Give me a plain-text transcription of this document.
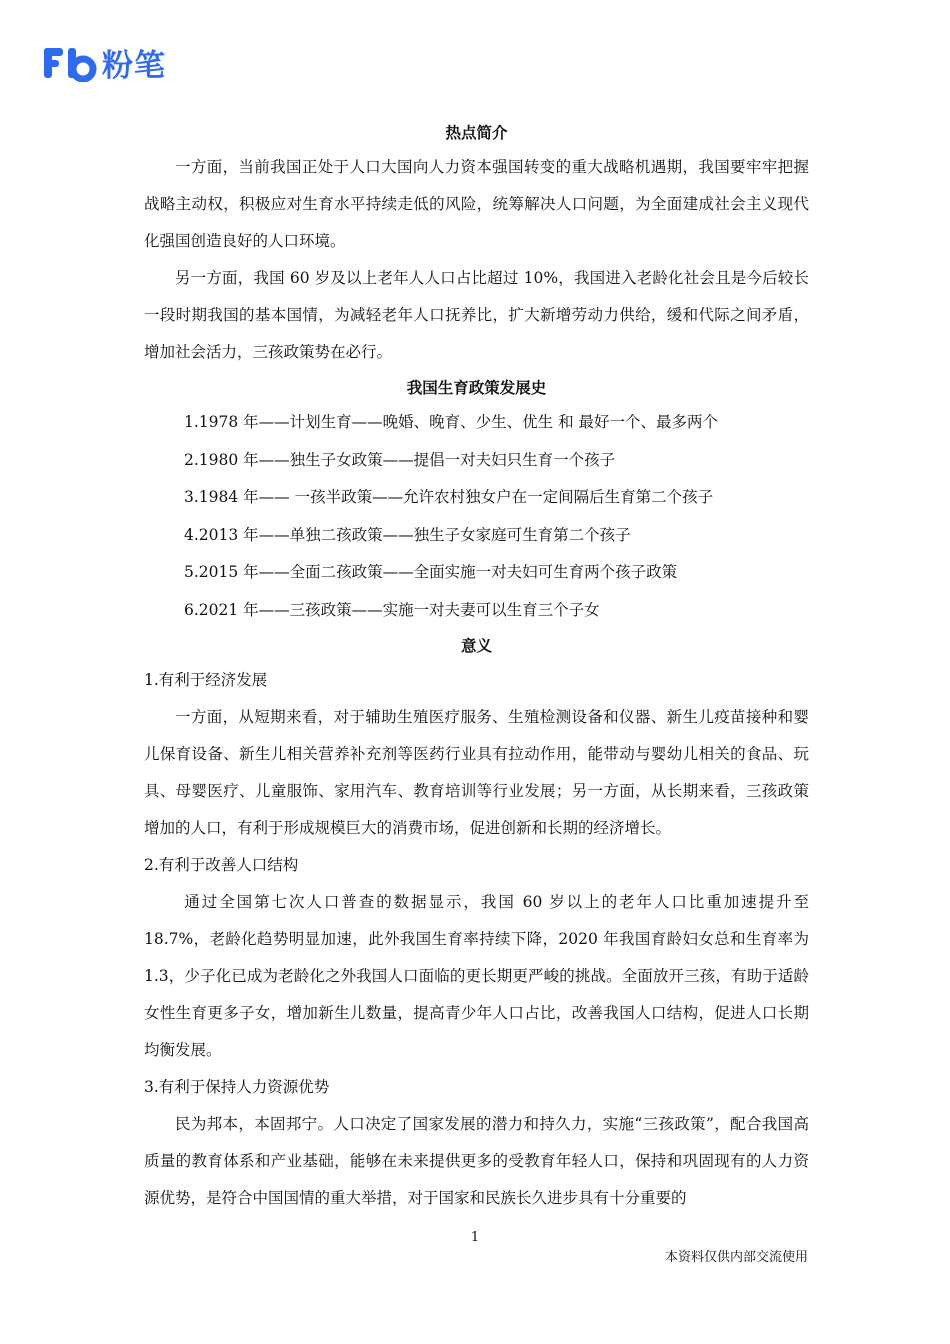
粉笔
热点简介

一方面，当前我国正处于人口大国向人力资本强国转变的重大战略机遇期，我国要牢牢把握战略主动权，积极应对生育水平持续走低的风险，统筹解决人口问题，为全面建成社会主义现代化强国创造良好的人口环境。

另一方面，我国 60 岁及以上老年人人口占比超过 10%，我国进入老龄化社会且是今后较长一段时期我国的基本国情，为减轻老年人口抚养比，扩大新增劳动力供给，缓和代际之间矛盾，增加社会活力，三孩政策势在必行。

我国生育政策发展史
1.1978 年——计划生育——晚婚、晚育、少生、优生 和 最好一个、最多两个
2.1980 年——独生子女政策——提倡一对夫妇只生育一个孩子
3.1984 年—— 一孩半政策——允许农村独女户在一定间隔后生育第二个孩子
4.2013 年——单独二孩政策——独生子女家庭可生育第二个孩子
5.2015 年——全面二孩政策——全面实施一对夫妇可生育两个孩子政策
6.2021 年——三孩政策——实施一对夫妻可以生育三个子女
意义

1.有利于经济发展

一方面，从短期来看，对于辅助生殖医疗服务、生殖检测设备和仪器、新生儿疫苗接种和婴儿保育设备、新生儿相关营养补充剂等医药行业具有拉动作用，能带动与婴幼儿相关的食品、玩具、母婴医疗、儿童服饰、家用汽车、教育培训等行业发展；另一方面，从长期来看，三孩政策增加的人口，有利于形成规模巨大的消费市场，促进创新和长期的经济增长。

2.有利于改善人口结构

通过全国第七次人口普查的数据显示，我国 60 岁以上的老年人口比重加速提升至 18.7%，老龄化趋势明显加速，此外我国生育率持续下降，2020 年我国育龄妇女总和生育率为 1.3，少子化已成为老龄化之外我国人口面临的更长期更严峻的挑战。全面放开三孩，有助于适龄女性生育更多子女，增加新生儿数量，提高青少年人口占比，改善我国人口结构，促进人口长期均衡发展。

3.有利于保持人力资源优势

民为邦本，本固邦宁。人口决定了国家发展的潜力和持久力，实施“三孩政策”，配合我国高质量的教育体系和产业基础，能够在未来提供更多的受教育年轻人口，保持和巩固现有的人力资源优势，是符合中国国情的重大举措，对于国家和民族长久进步具有十分重要的

1
本资料仅供内部交流使用
